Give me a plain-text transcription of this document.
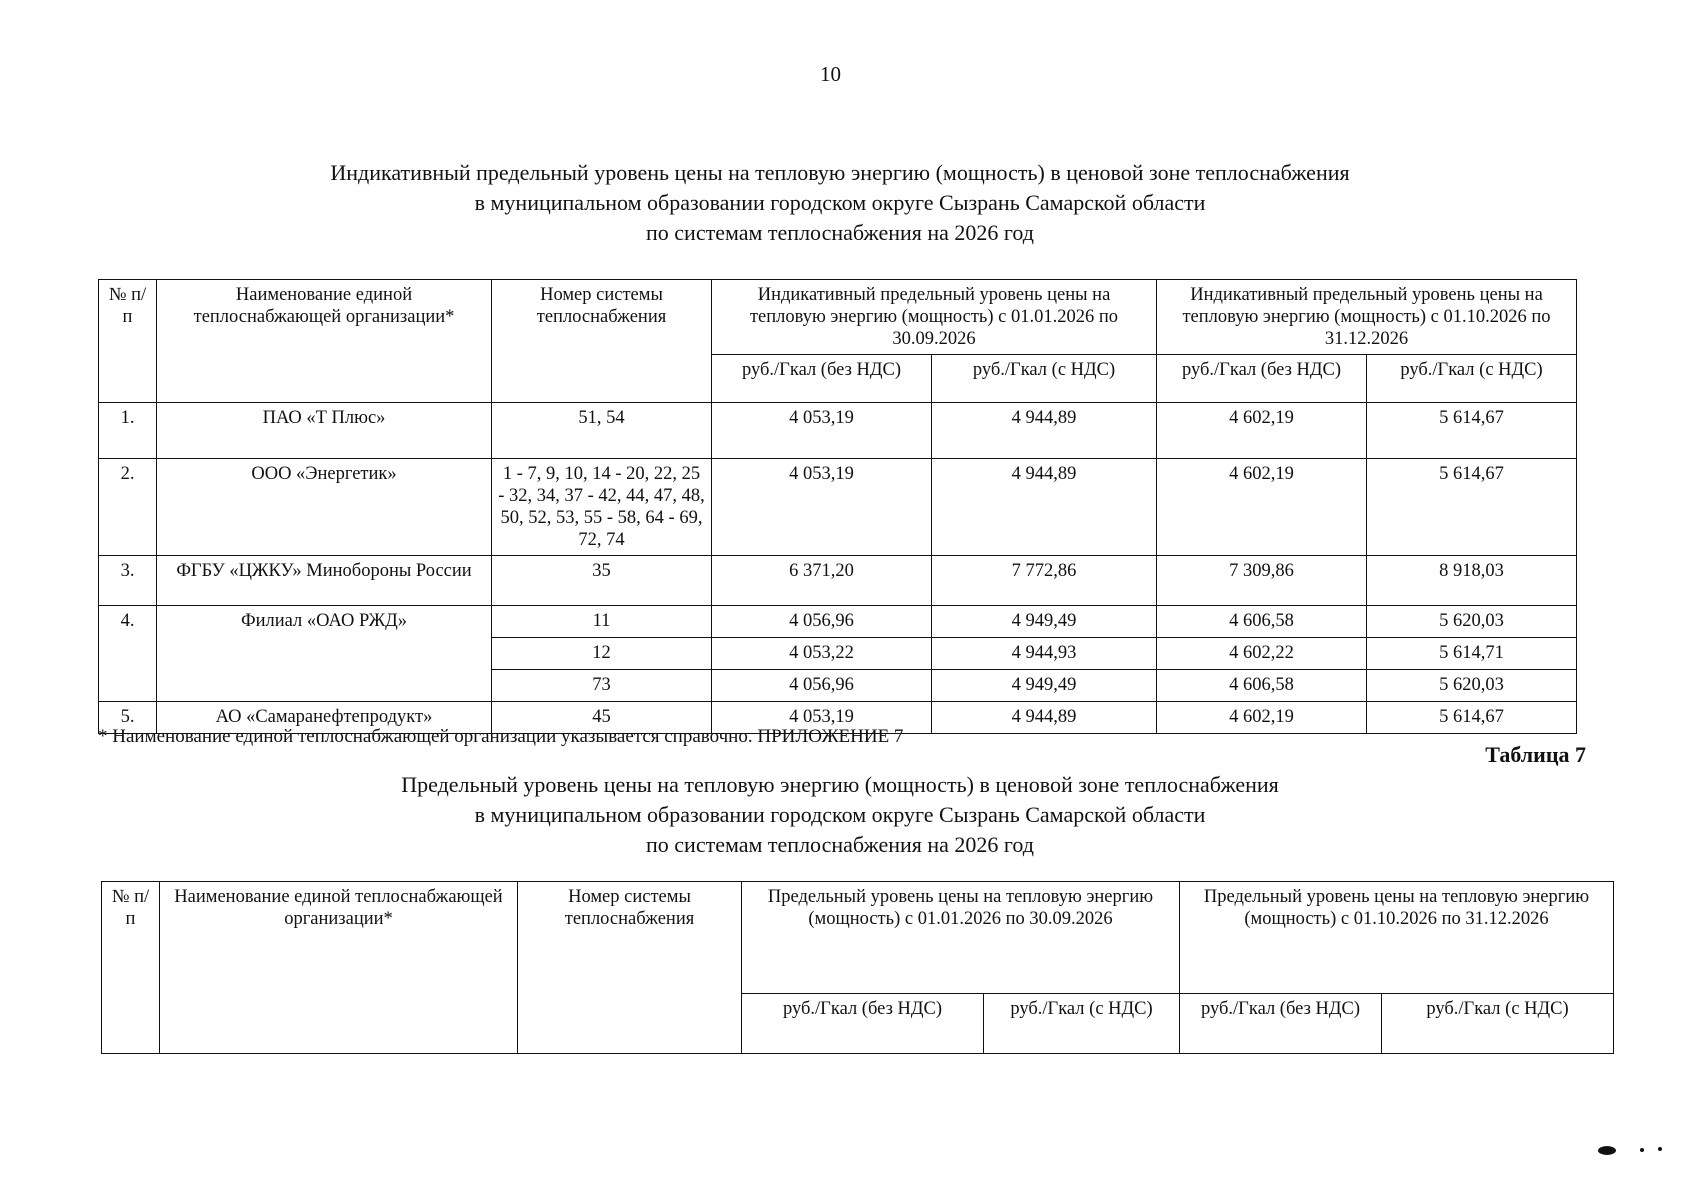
10
Индикативный предельный уровень цены на тепловую энергию (мощность) в ценовой зоне теплоснабжения
в муниципальном образовании городском округе Сызрань Самарской области
по системам теплоснабжения на 2026 год
№ п/п	Наименование единой теплоснабжающей организации*	Номер системы теплоснабжения	Индикативный предельный уровень цены на тепловую энергию (мощность) с 01.01.2026 по 30.09.2026		Индикативный предельный уровень цены на тепловую энергию (мощность) с 01.10.2026 по 31.12.2026	
			руб./Гкал (без НДС)	руб./Гкал (с НДС)	руб./Гкал (без НДС)	руб./Гкал (с НДС)
1.	ПАО «Т Плюс»	51, 54	4 053,19	4 944,89	4 602,19	5 614,67
2.	ООО «Энергетик»	1 - 7, 9, 10, 14 - 20, 22, 25 - 32, 34, 37 - 42, 44, 47, 48, 50, 52, 53, 55 - 58, 64 - 69, 72, 74	4 053,19	4 944,89	4 602,19	5 614,67
3.	ФГБУ «ЦЖКУ» Минобороны России	35	6 371,20	7 772,86	7 309,86	8 918,03
4.	Филиал «ОАО РЖД»	11	4 056,96	4 949,49	4 606,58	5 620,03
		12	4 053,22	4 944,93	4 602,22	5 614,71
		73	4 056,96	4 949,49	4 606,58	5 620,03
5.	АО «Самаранефтепродукт»	45	4 053,19	4 944,89	4 602,19	5 614,67
* Наименование единой теплоснабжающей организации указывается справочно. ПРИЛОЖЕНИЕ 7
Таблица 7
Предельный уровень цены на тепловую энергию (мощность) в ценовой зоне теплоснабжения
в муниципальном образовании городском округе Сызрань Самарской области
по системам теплоснабжения на 2026 год
№ п/п	Наименование единой теплоснабжающей организации*	Номер системы теплоснабжения	Предельный уровень цены на тепловую энергию (мощность) с 01.01.2026 по 30.09.2026		Предельный уровень цены на тепловую энергию (мощность) с 01.10.2026 по 31.12.2026	
			руб./Гкал (без НДС)	руб./Гкал (с НДС)	руб./Гкал (без НДС)	руб./Гкал (с НДС)
